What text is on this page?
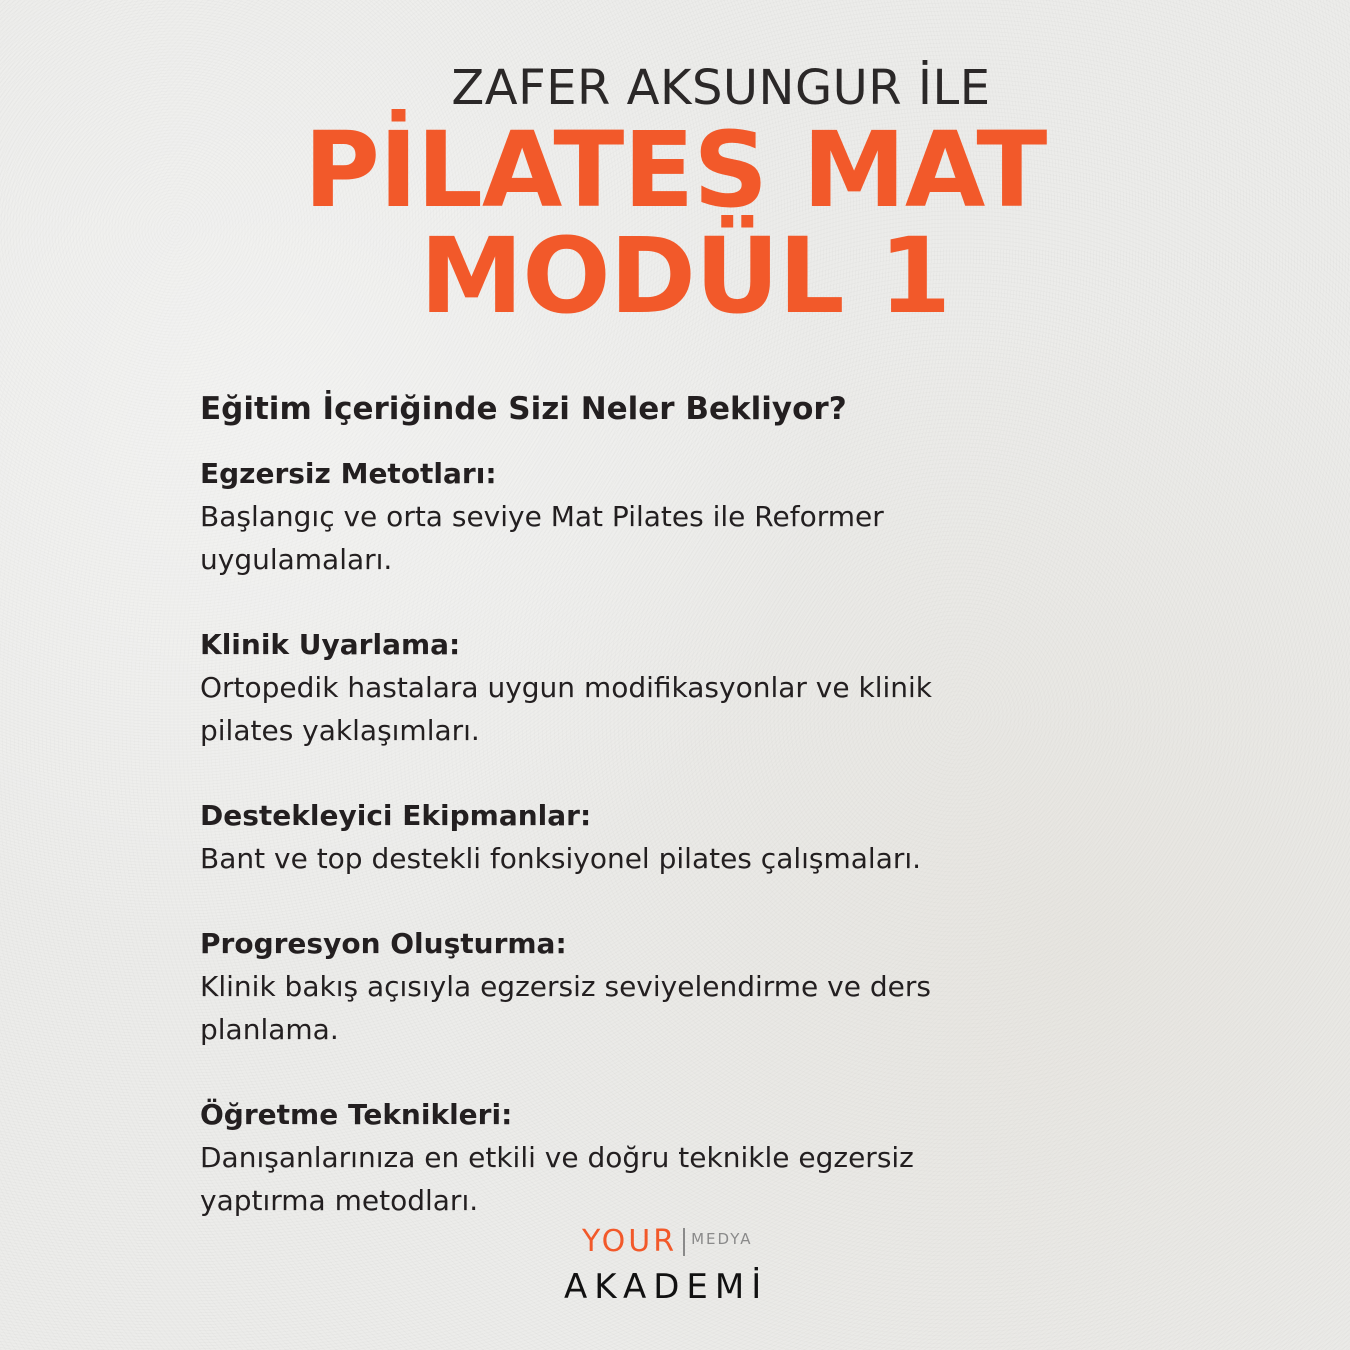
ZAFER AKSUNGUR İLE
PİLATES MAT
MODÜL 1
Eğitim İçeriğinde Sizi Neler Bekliyor?
Egzersiz Metotları:
Başlangıç ve orta seviye Mat Pilates ile Reformer
uygulamaları.
Klinik Uyarlama:
Ortopedik hastalara uygun modifikasyonlar ve klinik
pilates yaklaşımları.
Destekleyici Ekipmanlar:
Bant ve top destekli fonksiyonel pilates çalışmaları.
Progresyon Oluşturma:
Klinik bakış açısıyla egzersiz seviyelendirme ve ders
planlama.
Öğretme Teknikleri:
Danışanlarınıza en etkili ve doğru teknikle egzersiz
yaptırma metodları.
YOUR MEDYA
AKADEMİ
